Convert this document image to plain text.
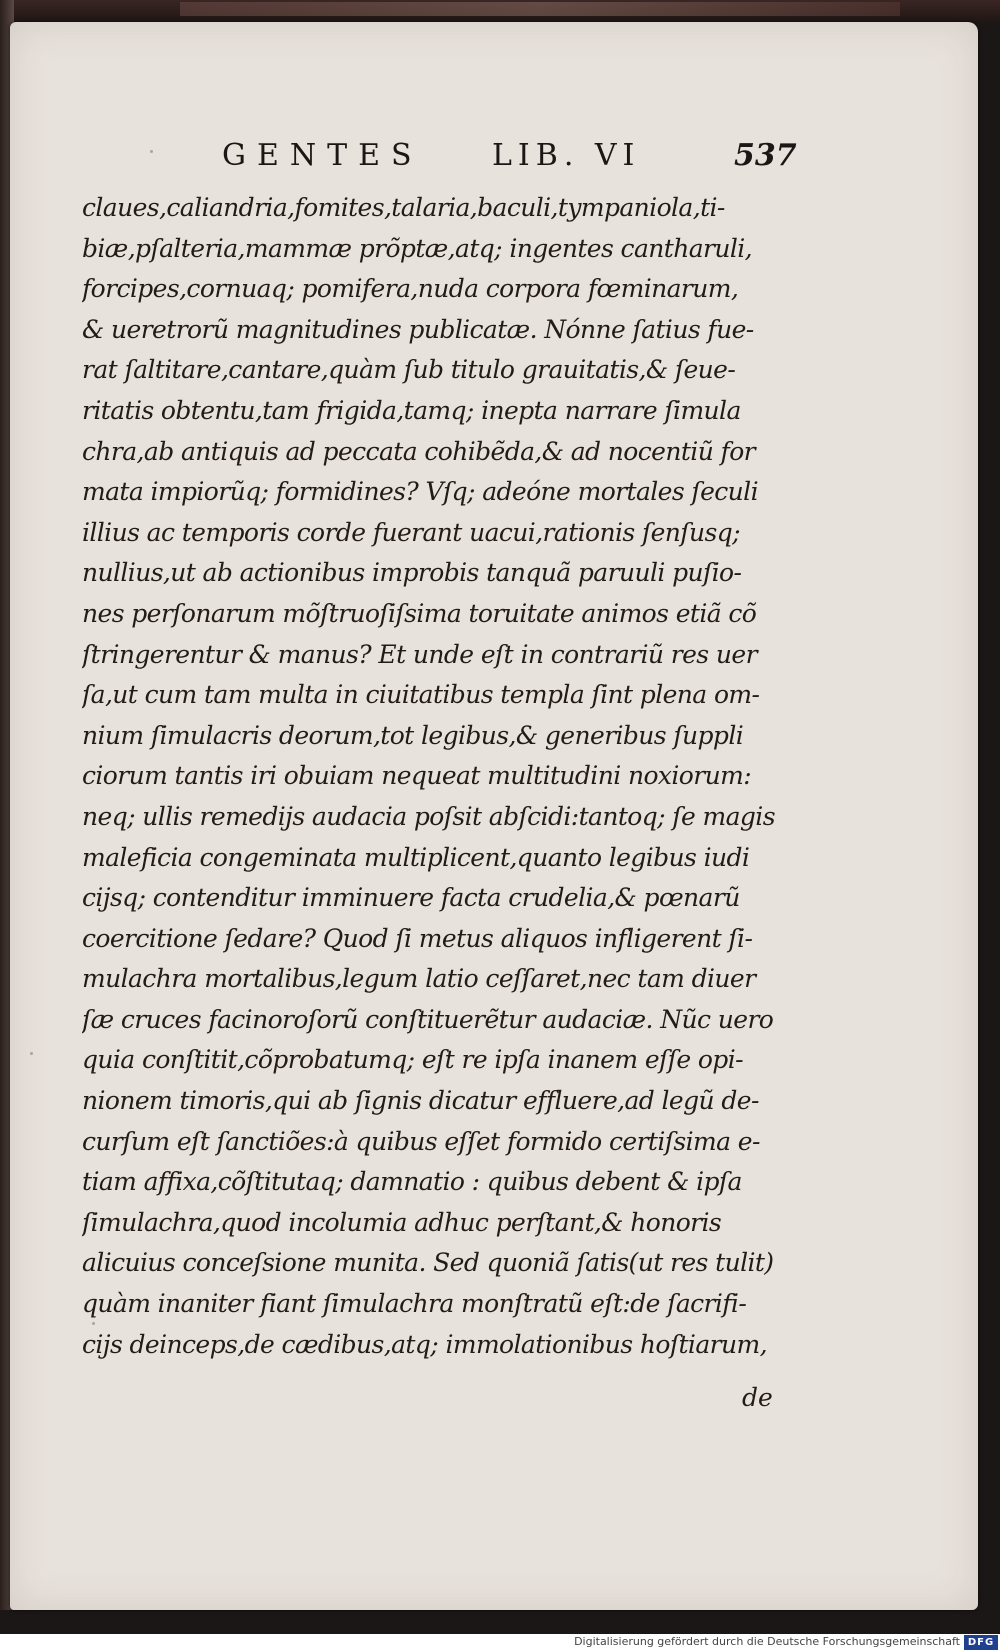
GENTES LIB. VI	537
claues,caliandria,fomites,talaria,baculi,tympaniola,ti-
biæ,pſalteria,mammæ prõptæ,atq; ingentes cantharuli,
forcipes,cornuaq; pomifera,nuda corpora fœminarum,
& ueretrorũ magnitudines publicatæ. Nónne ſatius fue-
rat ſaltitare,cantare,quàm ſub titulo grauitatis,& ſeue-
ritatis obtentu,tam frigida,tamq; inepta narrare ſimula
chra,ab antiquis ad peccata cohibẽda,& ad nocentiũ for
mata impiorũq; formidines? Vſq; adeóne mortales ſeculi
illius ac temporis corde fuerant uacui,rationis ſenſusq;
nullius,ut ab actionibus improbis tanquã paruuli puſio-
nes perſonarum mõſtruoſiſsima toruitate animos etiã cõ
ſtringerentur & manus? Et unde eſt in contrariũ res uer
ſa,ut cum tam multa in ciuitatibus templa ſint plena om-
nium ſimulacris deorum,tot legibus,& generibus ſuppli
ciorum tantis iri obuiam nequeat multitudini noxiorum:
neq; ullis remedijs audacia poſsit abſcidi:tantoq; ſe magis
maleficia congeminata multiplicent,quanto legibus iudi
cijsq; contenditur imminuere facta crudelia,& pœnarũ
coercitione ſedare? Quod ſi metus aliquos infligerent ſi-
mulachra mortalibus,legum latio ceſſaret,nec tam diuer
ſæ cruces facinoroſorũ conſtituerẽtur audaciæ. Nũc uero
quia conſtitit,cõprobatumq; eſt re ipſa inanem eſſe opi-
nionem timoris,qui ab ſignis dicatur effluere,ad legũ de-
curſum eſt ſanctiões:à quibus eſſet formido certiſsima e-
tiam affixa,cõſtitutaq; damnatio : quibus debent & ipſa
ſimulachra,quod incolumia adhuc perſtant,& honoris
alicuius conceſsione munita. Sed quoniã ſatis(ut res tulit)
quàm inaniter fiant ſimulachra monſtratũ eſt:de ſacrifi-
cijs deinceps,de cædibus,atq; immolationibus hoſtiarum,
de
Digitalisierung gefördert durch die Deutsche Forschungsgemeinschaft DFG
